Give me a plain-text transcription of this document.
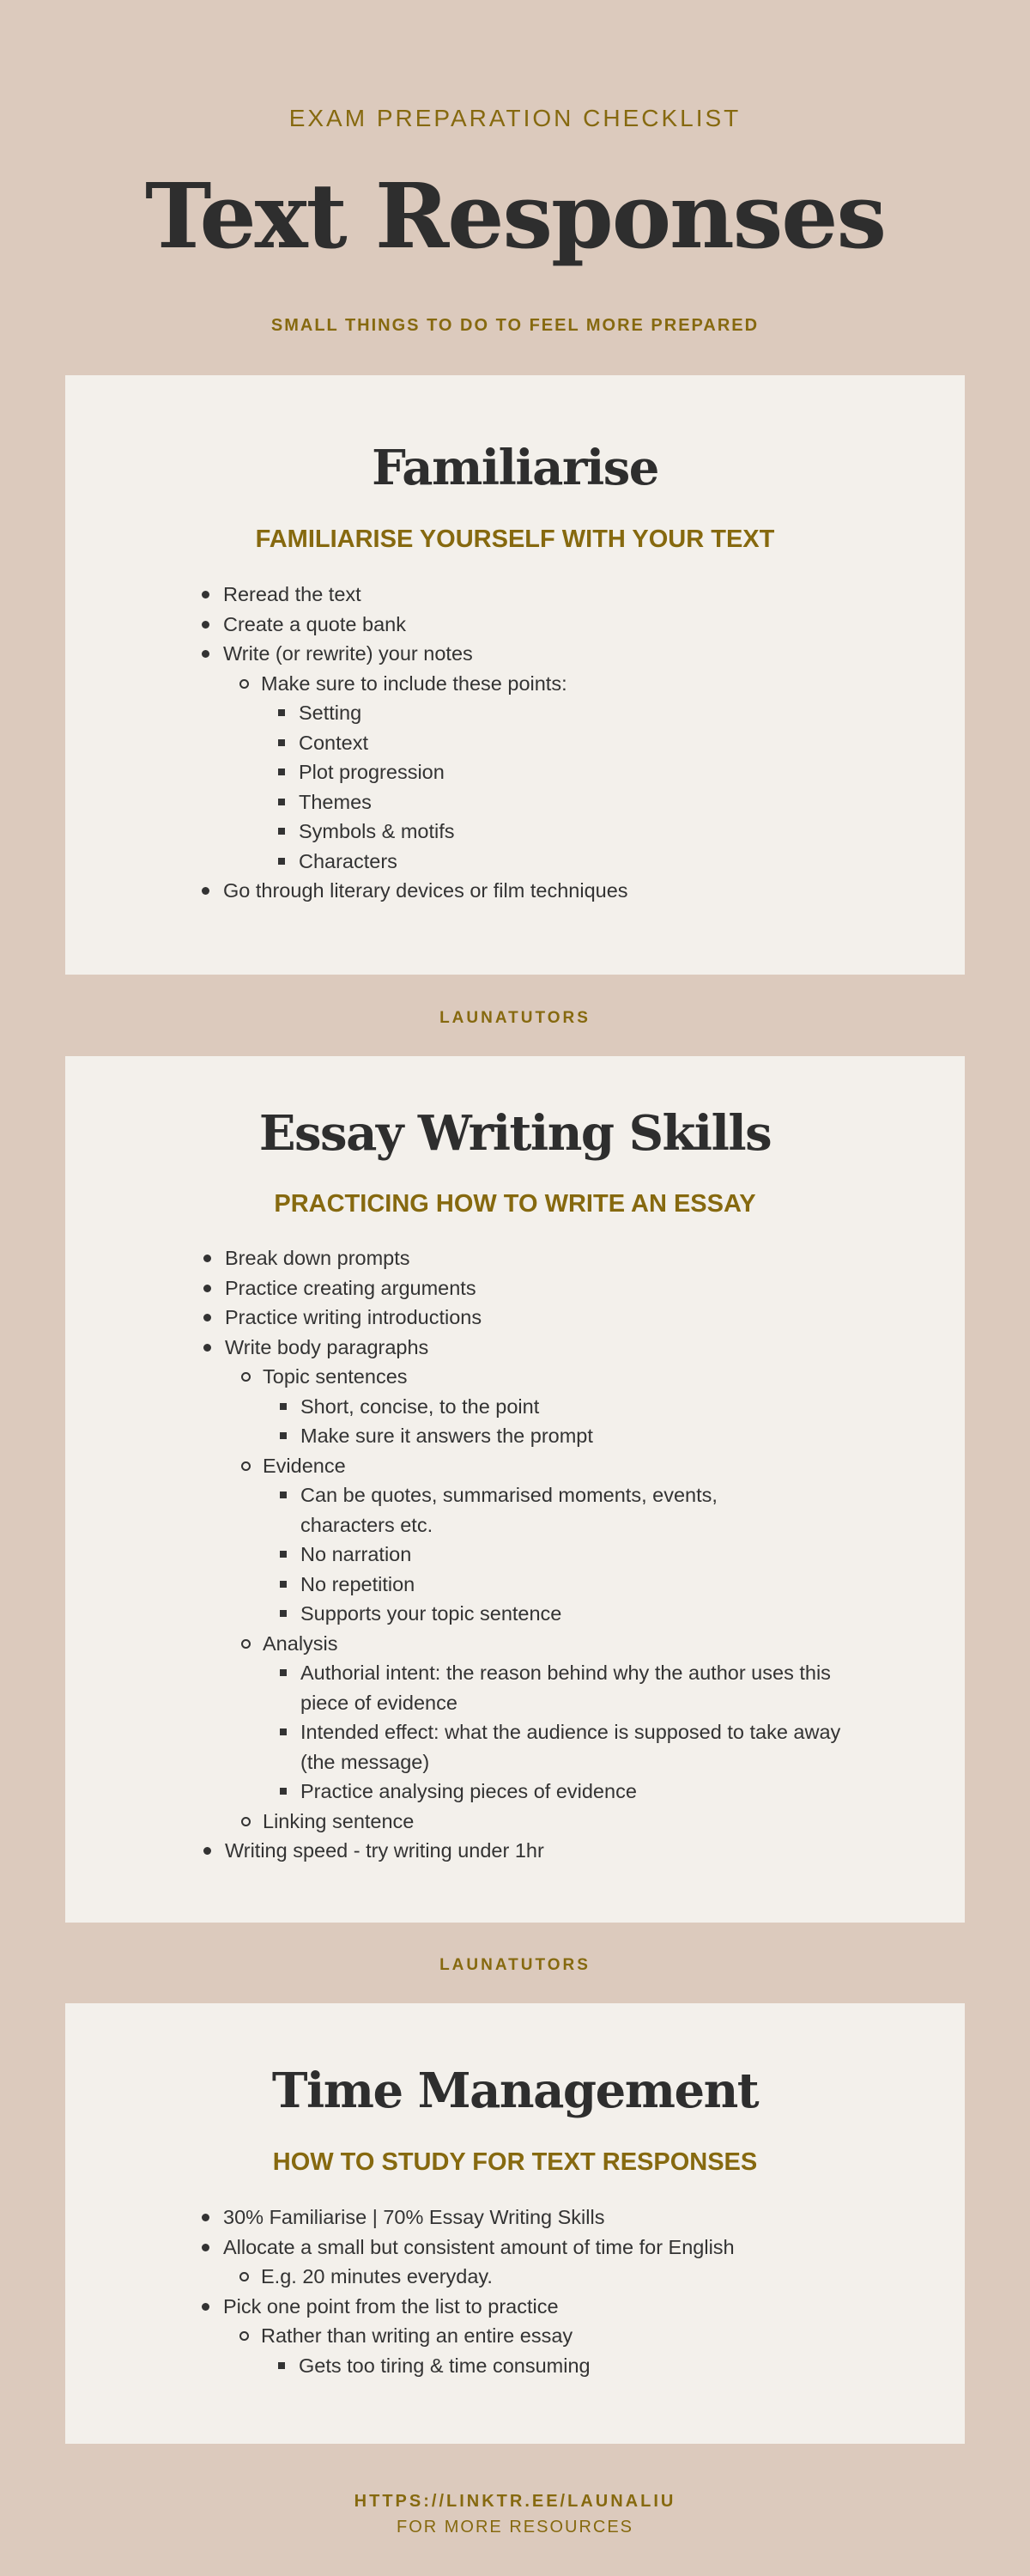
EXAM PREPARATION CHECKLIST
Text Responses
SMALL THINGS TO DO TO FEEL MORE PREPARED
Familiarise
FAMILIARISE YOURSELF WITH YOUR TEXT
Reread the text
Create a quote bank
Write (or rewrite) your notes
Make sure to include these points:
Setting
Context
Plot progression
Themes
Symbols & motifs
Characters
Go through literary devices or film techniques
LAUNATUTORS
Essay Writing Skills
PRACTICING HOW TO WRITE AN ESSAY
Break down prompts
Practice creating arguments
Practice writing introductions
Write body paragraphs
Topic sentences
Short, concise, to the point
Make sure it answers the prompt
Evidence
Can be quotes, summarised moments, events, characters etc.
No narration
No repetition
Supports your topic sentence
Analysis
Authorial intent: the reason behind why the author uses this piece of evidence
Intended effect: what the audience is supposed to take away (the message)
Practice analysing pieces of evidence
Linking sentence
Writing speed - try writing under 1hr
LAUNATUTORS
Time Management
HOW TO STUDY FOR TEXT RESPONSES
30% Familiarise | 70% Essay Writing Skills
Allocate a small but consistent amount of time for English
E.g. 20 minutes everyday.
Pick one point from the list to practice
Rather than writing an entire essay
Gets too tiring & time consuming
HTTPS://LINKTR.EE/LAUNALIU
FOR MORE RESOURCES
